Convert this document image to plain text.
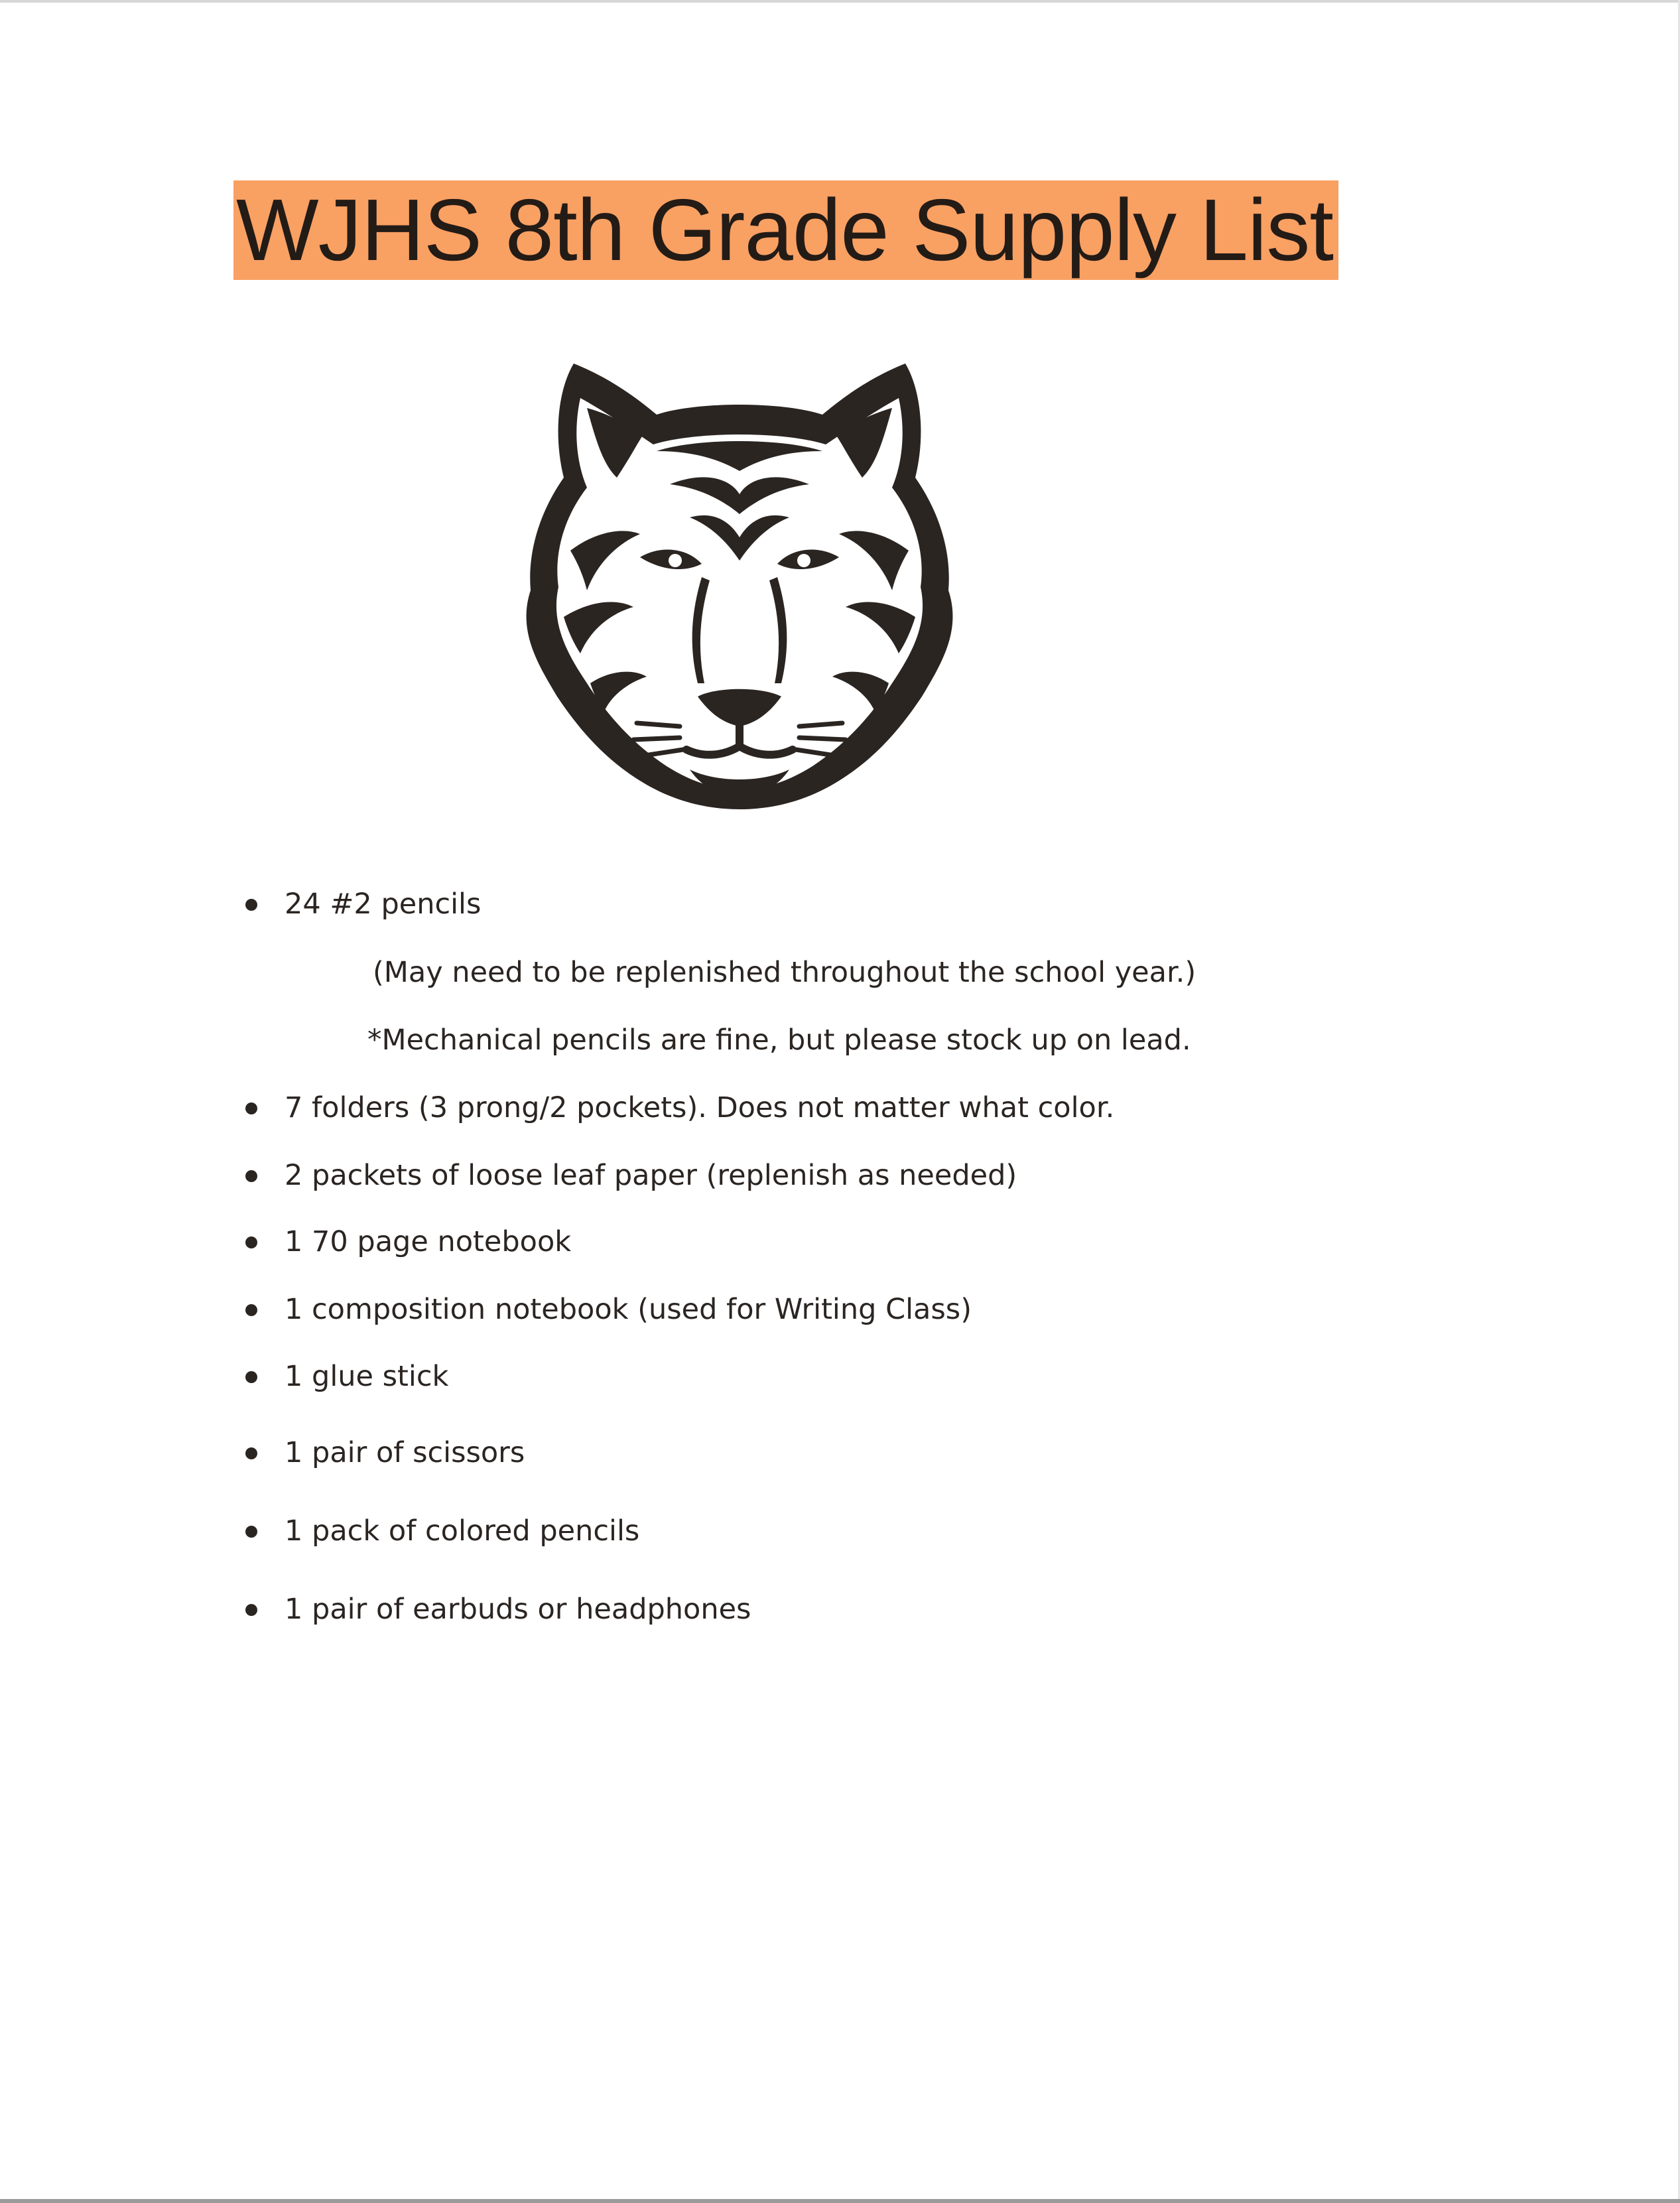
WJHS 8th Grade Supply List
24 #2 pencils
(May need to be replenished throughout the school year.)
*Mechanical pencils are fine, but please stock up on lead.
7 folders (3 prong/2 pockets). Does not matter what color.
2 packets of loose leaf paper (replenish as needed)
1 70 page notebook
1 composition notebook (used for Writing Class)
1 glue stick
1 pair of scissors
1 pack of colored pencils
1 pair of earbuds or headphones
